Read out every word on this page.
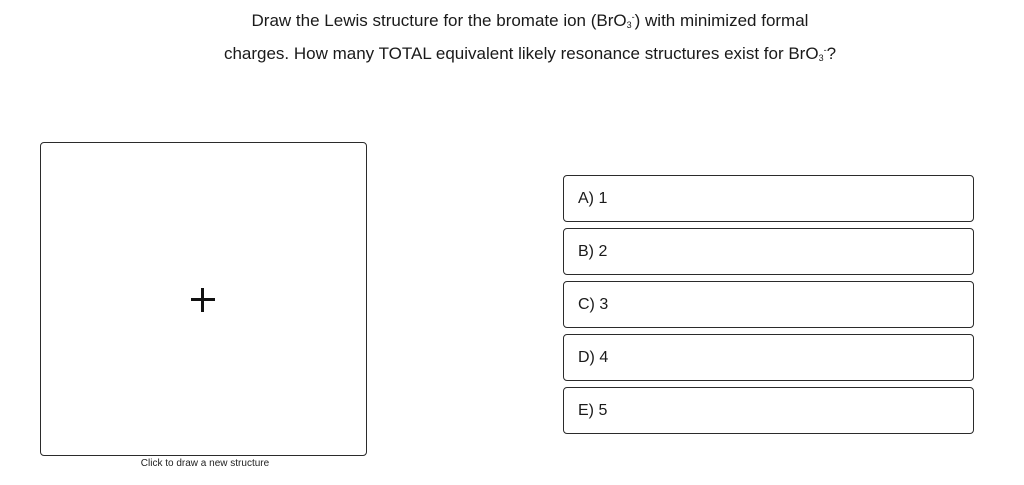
Draw the Lewis structure for the bromate ion (BrO$_3$-) with minimized formal
charges. How many TOTAL equivalent likely resonance structures exist for BrO$_3$-?
Click to draw a new structure
A) 1
B) 2
C) 3
D) 4
E) 5
